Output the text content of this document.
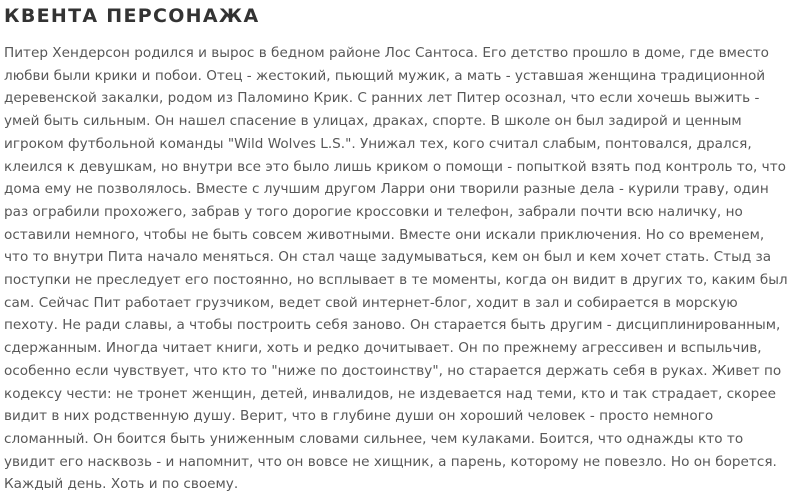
КВЕНТА ПЕРСОНАЖА

Питер Хендерсон родился и вырос в бедном районе Лос Сантоса. Его детство прошло в доме, где вместо любви были крики и побои. Отец - жестокий, пьющий мужик, а мать - уставшая женщина традиционной деревенской закалки, родом из Паломино Крик. С ранних лет Питер осознал, что если хочешь выжить - умей быть сильным. Он нашел спасение в улицах, драках, спорте. В школе он был задирой и ценным игроком футбольной команды "Wild Wolves L.S.". Унижал тех, кого считал слабым, понтовался, дрался, клеился к девушкам, но внутри все это было лишь криком о помощи - попыткой взять под контроль то, что дома ему не позволялось. Вместе с лучшим другом Ларри они творили разные дела - курили траву, один раз ограбили прохожего, забрав у того дорогие кроссовки и телефон, забрали почти всю наличку, но оставили немного, чтобы не быть совсем животными. Вместе они искали приключения. Но со временем, что то внутри Пита начало меняться. Он стал чаще задумываться, кем он был и кем хочет стать. Стыд за поступки не преследует его постоянно, но всплывает в те моменты, когда он видит в других то, каким был сам. Сейчас Пит работает грузчиком, ведет свой интернет-блог, ходит в зал и собирается в морскую пехоту. Не ради славы, а чтобы построить себя заново. Он старается быть другим - дисциплинированным, сдержанным. Иногда читает книги, хоть и редко дочитывает. Он по прежнему агрессивен и вспыльчив, особенно если чувствует, что кто то "ниже по достоинству", но старается держать себя в руках. Живет по кодексу чести: не тронет женщин, детей, инвалидов, не издевается над теми, кто и так страдает, скорее видит в них родственную душу. Верит, что в глубине души он хороший человек - просто немного сломанный. Он боится быть униженным словами сильнее, чем кулаками. Боится, что однажды кто то увидит его насквозь - и напомнит, что он вовсе не хищник, а парень, которому не повезло. Но он борется. Каждый день. Хоть и по своему.
